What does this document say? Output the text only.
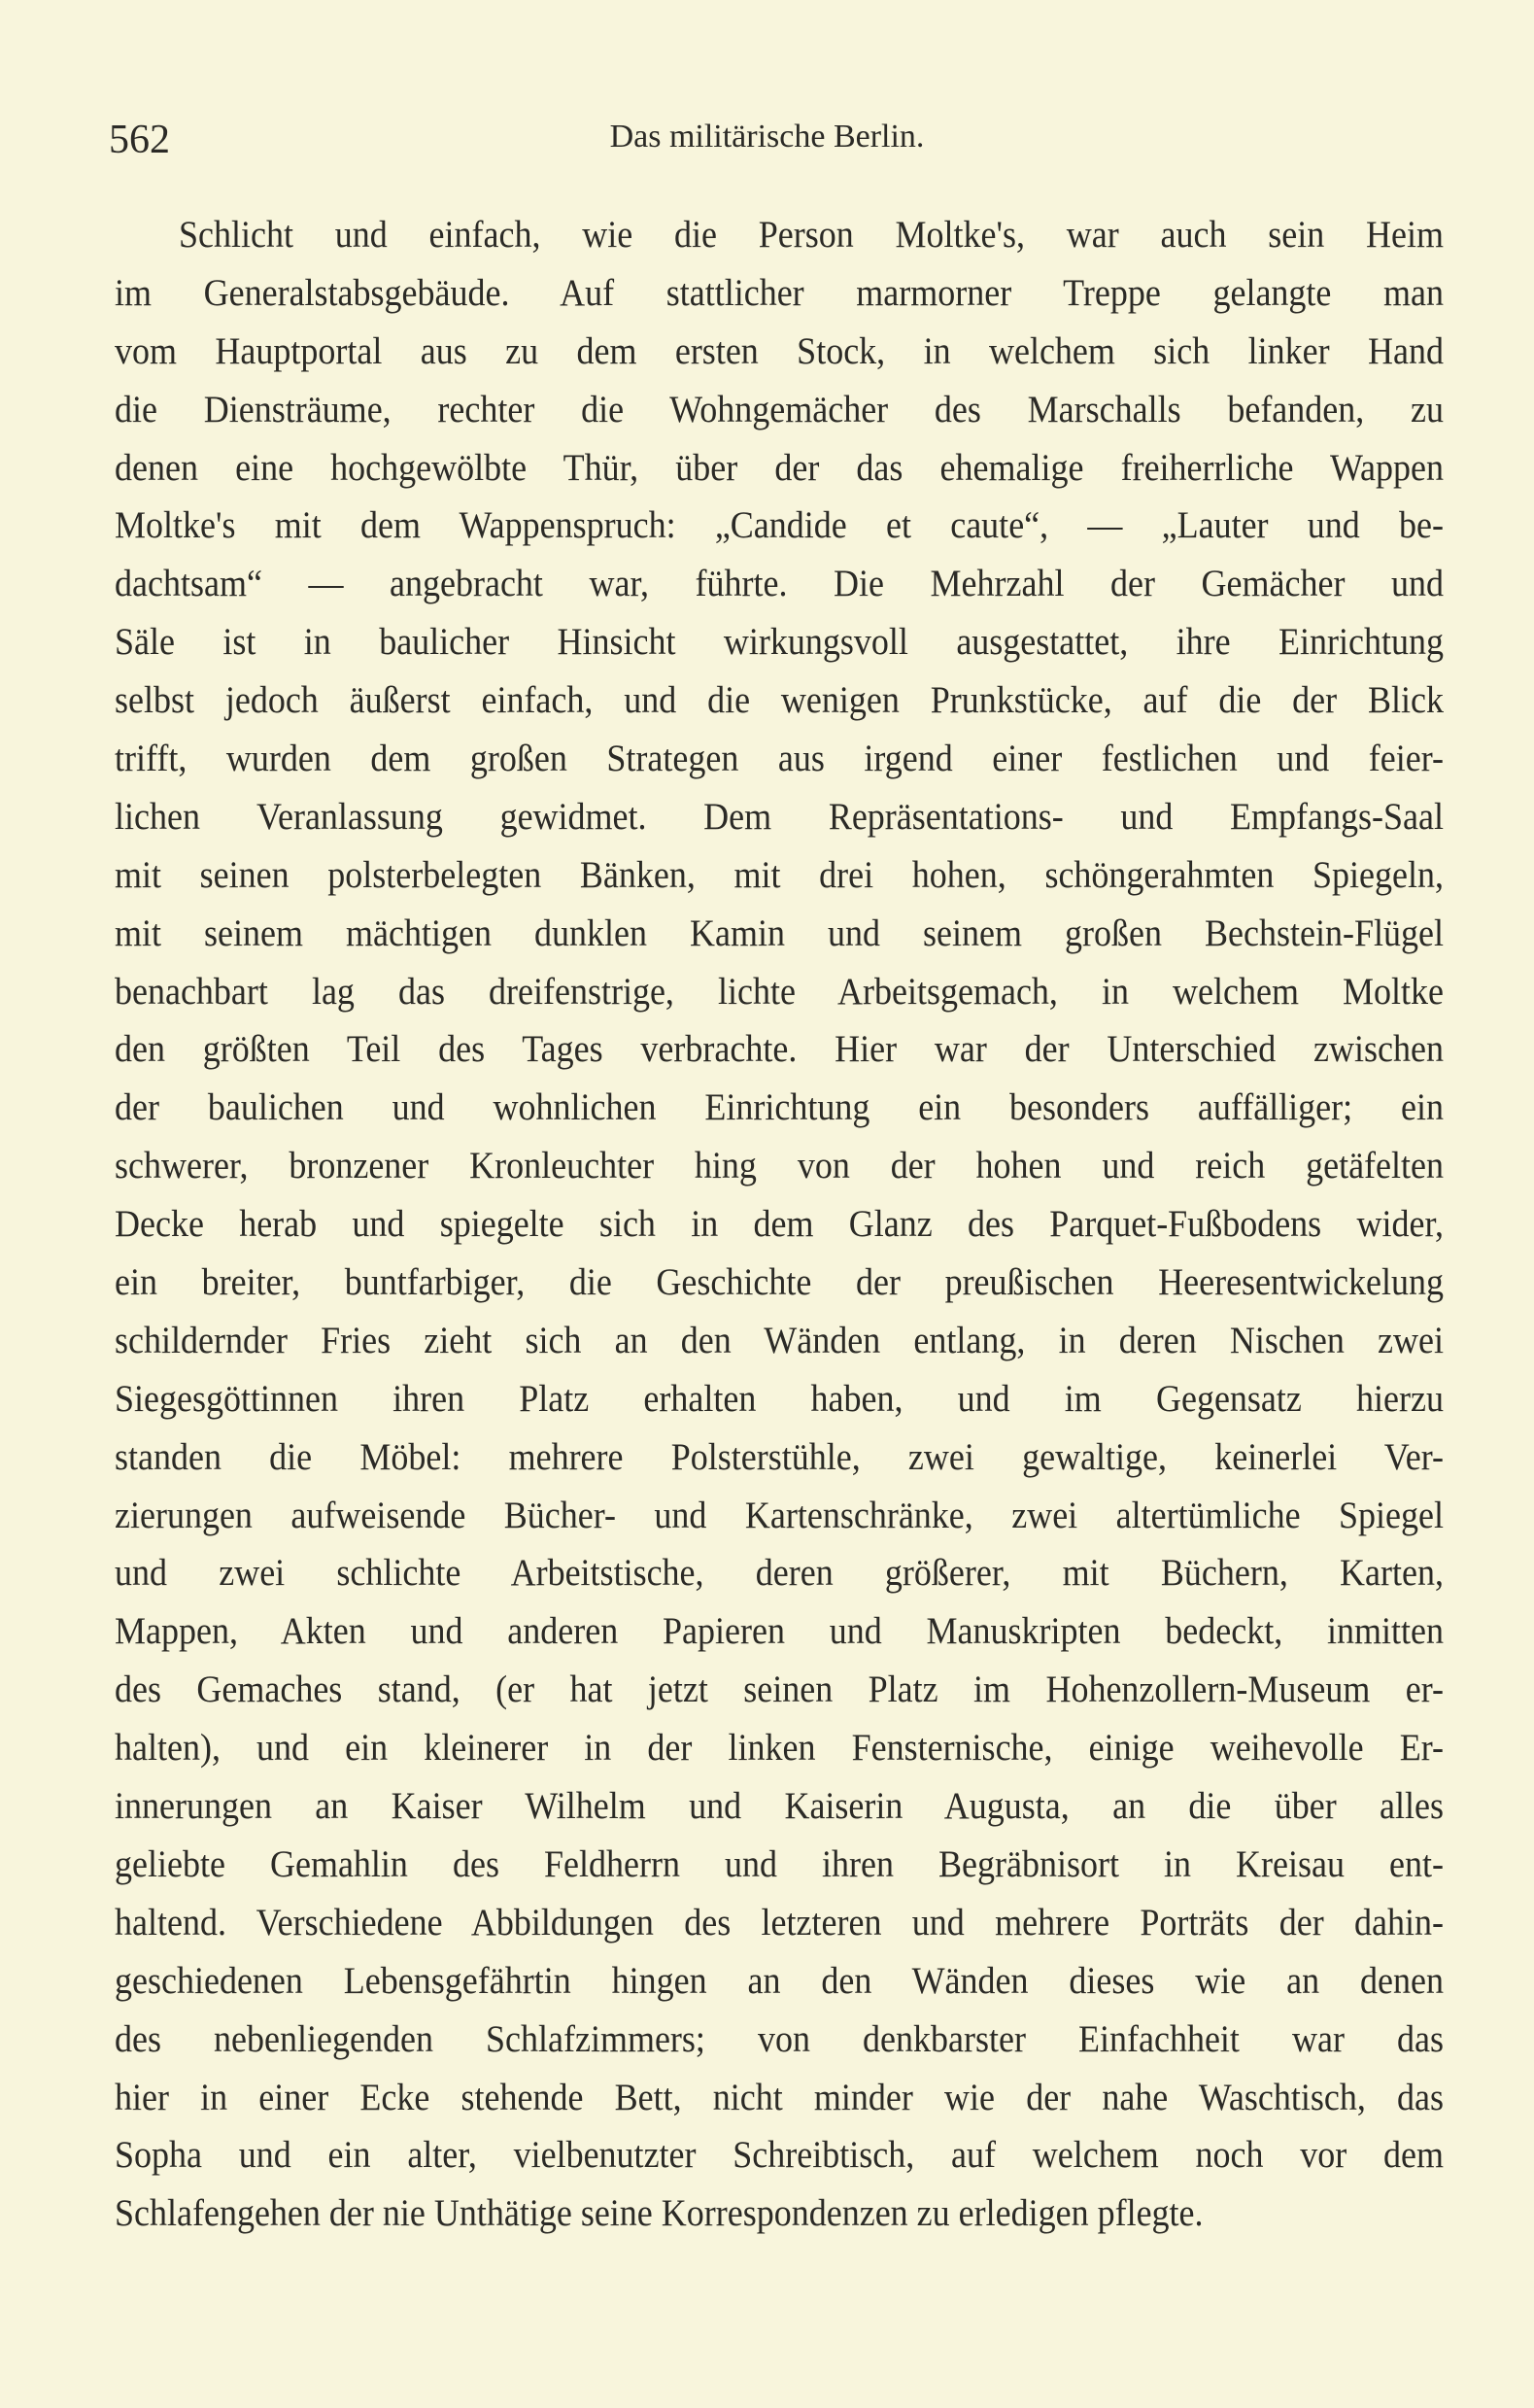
562	Das militärische Berlin.
Schlicht und einfach, wie die Person Moltke's, war auch sein Heim
im Generalstabsgebäude. Auf stattlicher marmorner Treppe gelangte man
vom Hauptportal aus zu dem ersten Stock, in welchem sich linker Hand
die Diensträume, rechter die Wohngemächer des Marschalls befanden, zu
denen eine hochgewölbte Thür, über der das ehemalige freiherrliche Wappen
Moltke's mit dem Wappenspruch: „Candide et caute“, — „Lauter und be-
dachtsam“ — angebracht war, führte. Die Mehrzahl der Gemächer und
Säle ist in baulicher Hinsicht wirkungsvoll ausgestattet, ihre Einrichtung
selbst jedoch äußerst einfach, und die wenigen Prunkstücke, auf die der Blick
trifft, wurden dem großen Strategen aus irgend einer festlichen und feier-
lichen Veranlassung gewidmet. Dem Repräsentations- und Empfangs-Saal
mit seinen polsterbelegten Bänken, mit drei hohen, schöngerahmten Spiegeln,
mit seinem mächtigen dunklen Kamin und seinem großen Bechstein-Flügel
benachbart lag das dreifenstrige, lichte Arbeitsgemach, in welchem Moltke
den größten Teil des Tages verbrachte. Hier war der Unterschied zwischen
der baulichen und wohnlichen Einrichtung ein besonders auffälliger; ein
schwerer, bronzener Kronleuchter hing von der hohen und reich getäfelten
Decke herab und spiegelte sich in dem Glanz des Parquet-Fußbodens wider,
ein breiter, buntfarbiger, die Geschichte der preußischen Heeresentwickelung
schildernder Fries zieht sich an den Wänden entlang, in deren Nischen zwei
Siegesgöttinnen ihren Platz erhalten haben, und im Gegensatz hierzu
standen die Möbel: mehrere Polsterstühle, zwei gewaltige, keinerlei Ver-
zierungen aufweisende Bücher- und Kartenschränke, zwei altertümliche Spiegel
und zwei schlichte Arbeitstische, deren größerer, mit Büchern, Karten,
Mappen, Akten und anderen Papieren und Manuskripten bedeckt, inmitten
des Gemaches stand, (er hat jetzt seinen Platz im Hohenzollern-Museum er-
halten), und ein kleinerer in der linken Fensternische, einige weihevolle Er-
innerungen an Kaiser Wilhelm und Kaiserin Augusta, an die über alles
geliebte Gemahlin des Feldherrn und ihren Begräbnisort in Kreisau ent-
haltend. Verschiedene Abbildungen des letzteren und mehrere Porträts der dahin-
geschiedenen Lebensgefährtin hingen an den Wänden dieses wie an denen
des nebenliegenden Schlafzimmers; von denkbarster Einfachheit war das
hier in einer Ecke stehende Bett, nicht minder wie der nahe Waschtisch, das
Sopha und ein alter, vielbenutzter Schreibtisch, auf welchem noch vor dem
Schlafengehen der nie Unthätige seine Korrespondenzen zu erledigen pflegte.
